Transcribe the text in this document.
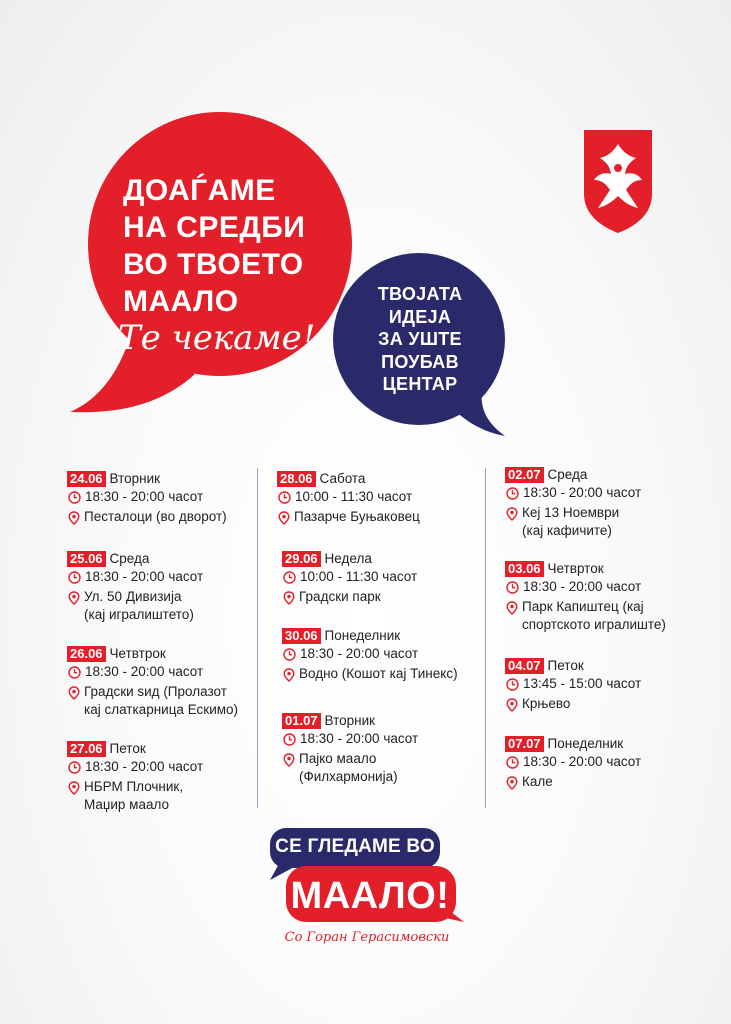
ДОАЃАМЕ
НА СРЕДБИ
ВО ТВОЕТО
МААЛО
Те чекаме!
ТВОЈАТА
ИДЕЈА
ЗА УШТЕ
ПОУБАВ
ЦЕНТАР
24.06 Вторник
18:30 - 20:00 часот
Песталоци (во дворот)
25.06 Среда
18:30 - 20:00 часот
Ул. 50 Дивизија
(кај игралиштето)
26.06 Четвтрок
18:30 - 20:00 часот
Градски ѕид (Пролазот
кај слаткарница Ескимо)
27.06 Петок
18:30 - 20:00 часот
НБРМ Плочник,
Маџир маало
28.06 Сабота
10:00 - 11:30 часот
Пазарче Буњаковец
29.06 Недела
10:00 - 11:30 часот
Градски парк
30.06 Понеделник
18:30 - 20:00 часот
Водно (Кошот кај Тинекс)
01.07 Вторник
18:30 - 20:00 часот
Пајко маало
(Филхармонија)
02.07 Среда
18:30 - 20:00 часот
Кеј 13 Ноември
(кај кафичите)
03.06 Четврток
18:30 - 20:00 часот
Парк Капиштец (кај
спортското игралиште)
04.07 Петок
13:45 - 15:00 часот
Крњево
07.07 Понеделник
18:30 - 20:00 часот
Кале
СЕ ГЛЕДАМЕ ВО
МААЛО!
Со Горан Герасимовски
